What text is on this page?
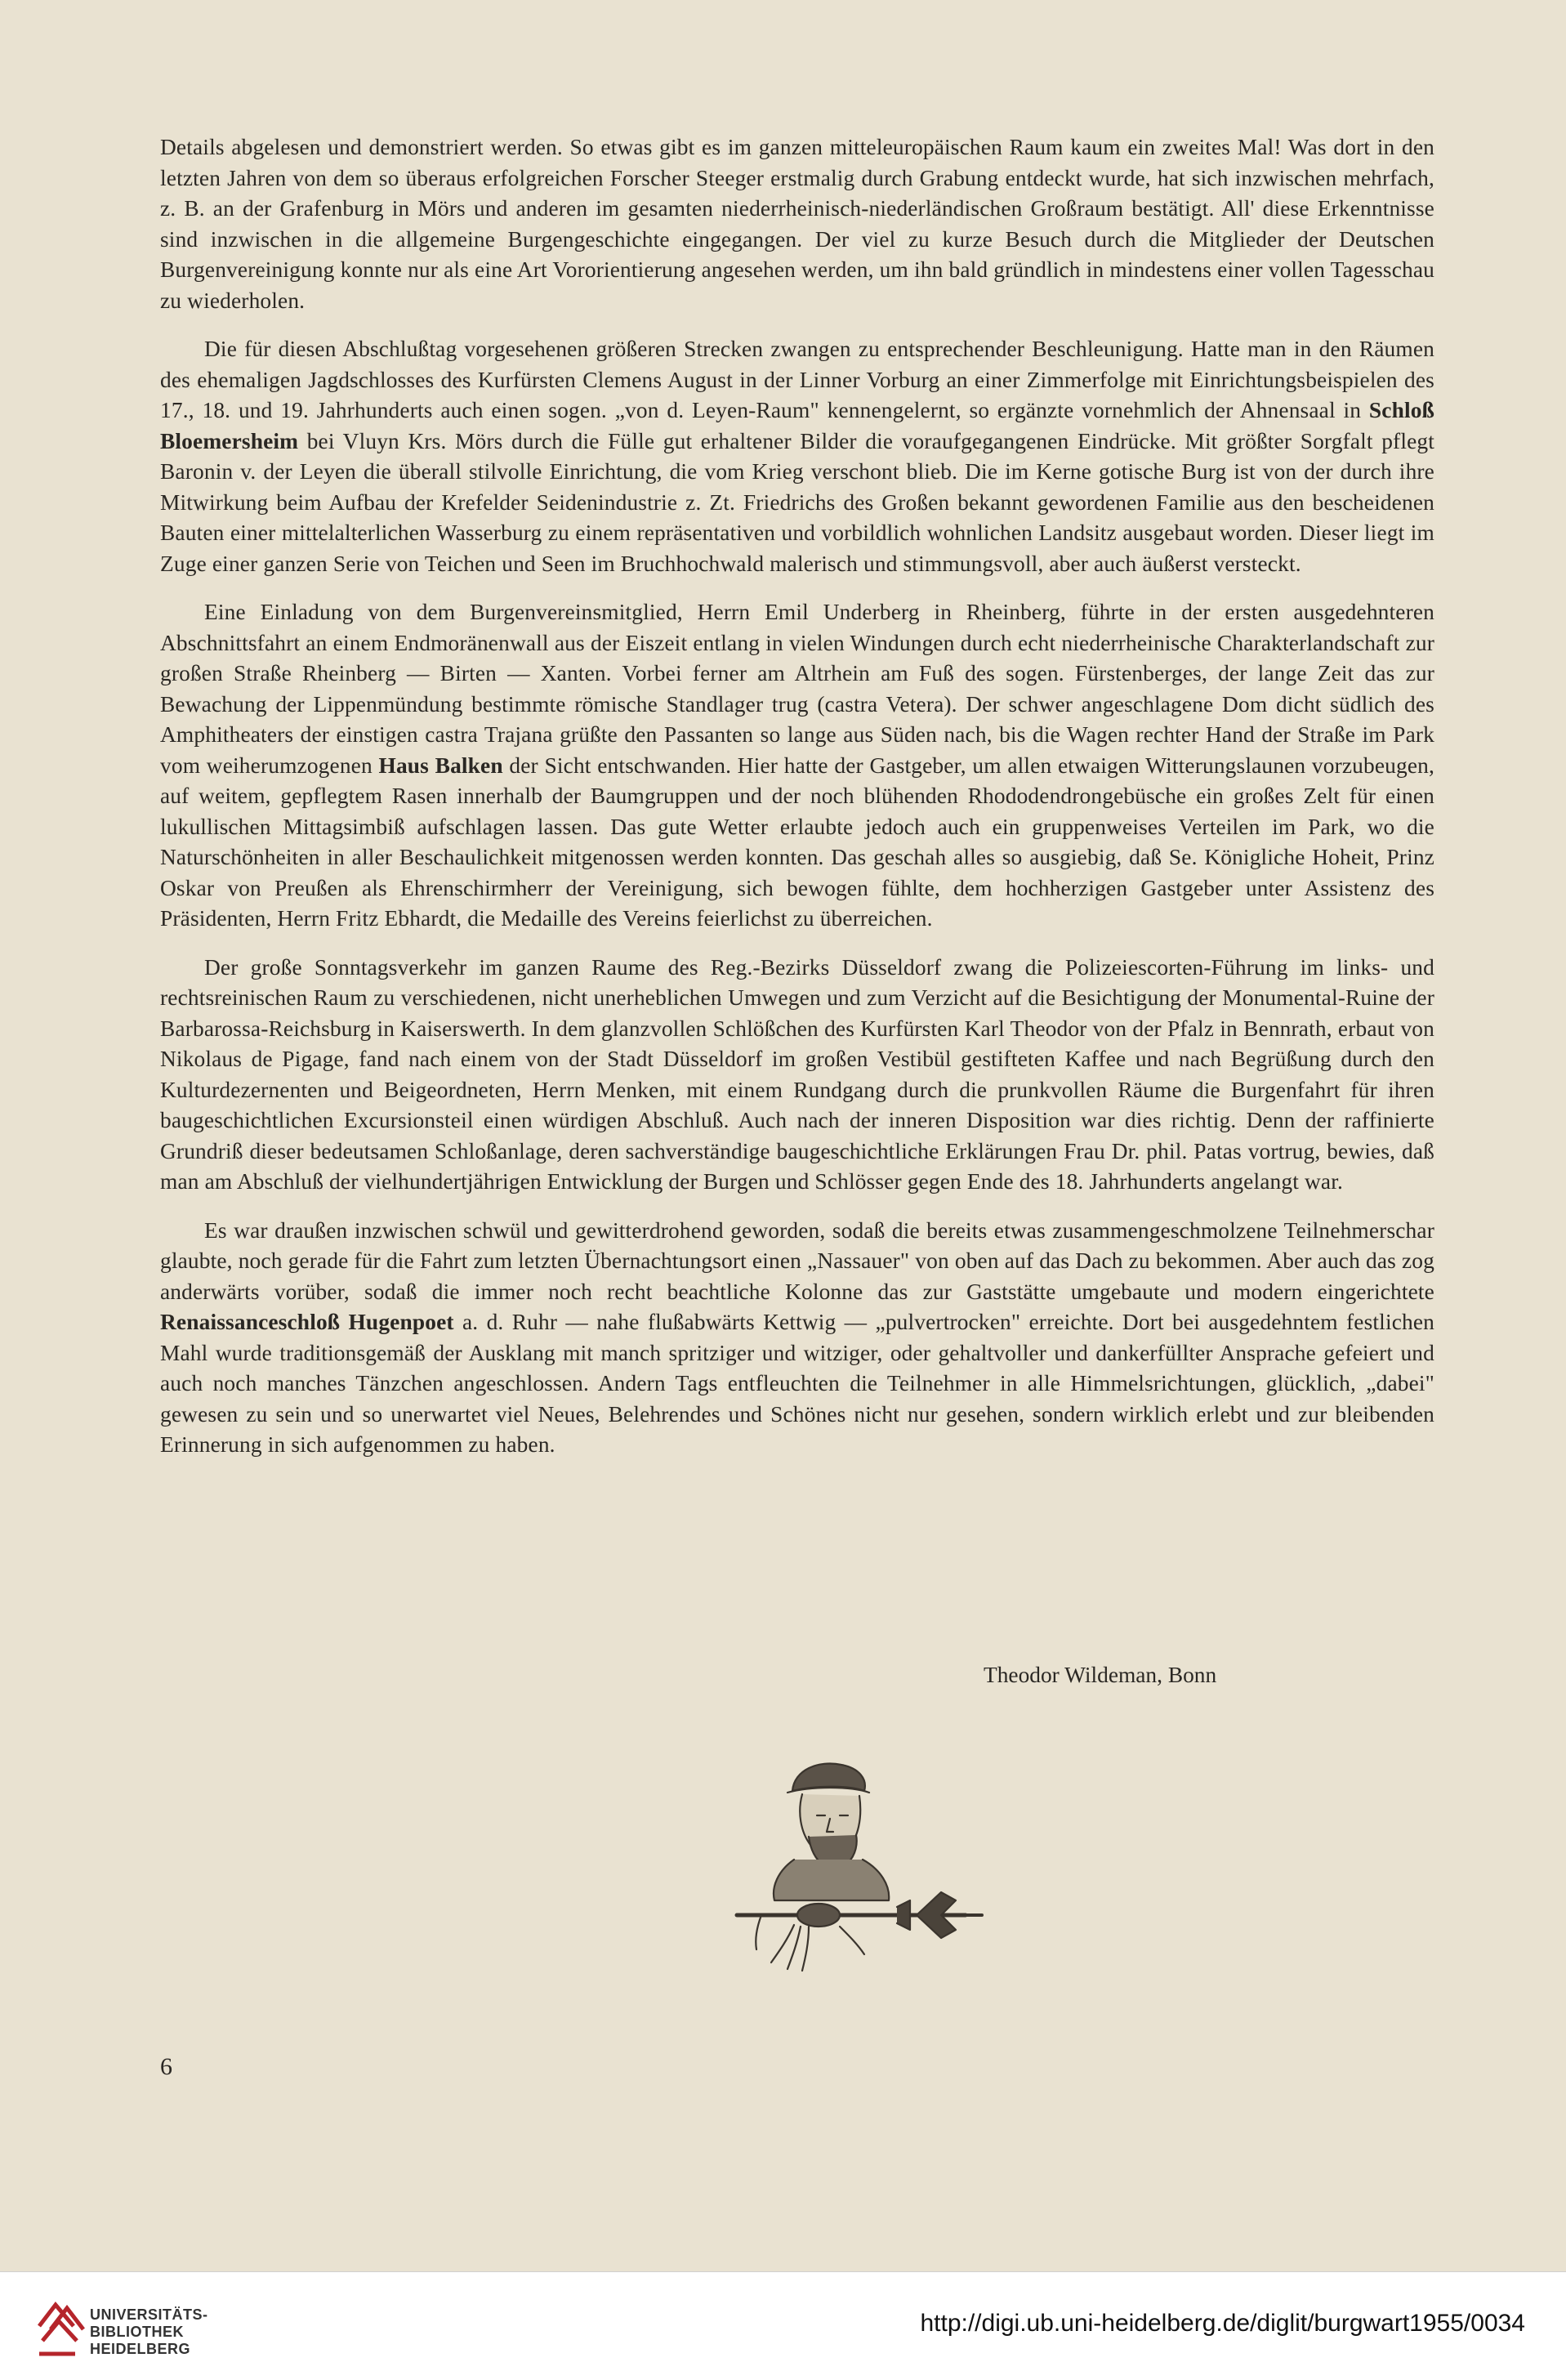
Details abgelesen und demonstriert werden. So etwas gibt es im ganzen mitteleuropäischen Raum kaum ein zweites Mal! Was dort in den letzten Jahren von dem so überaus erfolgreichen Forscher Steeger erstmalig durch Grabung entdeckt wurde, hat sich inzwischen mehrfach, z. B. an der Grafenburg in Mörs und anderen im gesamten niederrheinisch-niederländischen Großraum bestätigt. All' diese Erkenntnisse sind inzwischen in die allgemeine Burgengeschichte eingegangen. Der viel zu kurze Besuch durch die Mitglieder der Deutschen Burgenvereinigung konnte nur als eine Art Vororientierung angesehen werden, um ihn bald gründlich in mindestens einer vollen Tagesschau zu wiederholen.

Die für diesen Abschlußtag vorgesehenen größeren Strecken zwangen zu entsprechender Beschleunigung. Hatte man in den Räumen des ehemaligen Jagdschlosses des Kurfürsten Clemens August in der Linner Vorburg an einer Zimmerfolge mit Einrichtungsbeispielen des 17., 18. und 19. Jahrhunderts auch einen sogen. „von d. Leyen-Raum" kennengelernt, so ergänzte vornehmlich der Ahnensaal in Schloß Bloemersheim bei Vluyn Krs. Mörs durch die Fülle gut erhaltener Bilder die voraufgegangenen Eindrücke. Mit größter Sorgfalt pflegt Baronin v. der Leyen die überall stilvolle Einrichtung, die vom Krieg verschont blieb. Die im Kerne gotische Burg ist von der durch ihre Mitwirkung beim Aufbau der Krefelder Seidenindustrie z. Zt. Friedrichs des Großen bekannt gewordenen Familie aus den bescheidenen Bauten einer mittelalterlichen Wasserburg zu einem repräsentativen und vorbildlich wohnlichen Landsitz ausgebaut worden. Dieser liegt im Zuge einer ganzen Serie von Teichen und Seen im Bruchhochwald malerisch und stimmungsvoll, aber auch äußerst versteckt.

Eine Einladung von dem Burgenvereinsmitglied, Herrn Emil Underberg in Rheinberg, führte in der ersten ausgedehnteren Abschnittsfahrt an einem Endmoränenwall aus der Eiszeit entlang in vielen Windungen durch echt niederrheinische Charakterlandschaft zur großen Straße Rheinberg — Birten — Xanten. Vorbei ferner am Altrhein am Fuß des sogen. Fürstenberges, der lange Zeit das zur Bewachung der Lippenmündung bestimmte römische Standlager trug (castra Vetera). Der schwer angeschlagene Dom dicht südlich des Amphitheaters der einstigen castra Trajana grüßte den Passanten so lange aus Süden nach, bis die Wagen rechter Hand der Straße im Park vom weiherumzogenen Haus Balken der Sicht entschwanden. Hier hatte der Gastgeber, um allen etwaigen Witterungslaunen vorzubeugen, auf weitem, gepflegtem Rasen innerhalb der Baumgruppen und der noch blühenden Rhododendrongebüsche ein großes Zelt für einen lukullischen Mittagsimbiß aufschlagen lassen. Das gute Wetter erlaubte jedoch auch ein gruppenweises Verteilen im Park, wo die Naturschönheiten in aller Beschaulichkeit mitgenossen werden konnten. Das geschah alles so ausgiebig, daß Se. Königliche Hoheit, Prinz Oskar von Preußen als Ehrenschirmherr der Vereinigung, sich bewogen fühlte, dem hochherzigen Gastgeber unter Assistenz des Präsidenten, Herrn Fritz Ebhardt, die Medaille des Vereins feierlichst zu überreichen.

Der große Sonntagsverkehr im ganzen Raume des Reg.-Bezirks Düsseldorf zwang die Polizeiescorten-Führung im links- und rechtsreinischen Raum zu verschiedenen, nicht unerheblichen Umwegen und zum Verzicht auf die Besichtigung der Monumental-Ruine der Barbarossa-Reichsburg in Kaiserswerth. In dem glanzvollen Schlößchen des Kurfürsten Karl Theodor von der Pfalz in Bennrath, erbaut von Nikolaus de Pigage, fand nach einem von der Stadt Düsseldorf im großen Vestibül gestifteten Kaffee und nach Begrüßung durch den Kulturdezernenten und Beigeordneten, Herrn Menken, mit einem Rundgang durch die prunkvollen Räume die Burgenfahrt für ihren baugeschichtlichen Excursionsteil einen würdigen Abschluß. Auch nach der inneren Disposition war dies richtig. Denn der raffinierte Grundriß dieser bedeutsamen Schloßanlage, deren sachverständige baugeschichtliche Erklärungen Frau Dr. phil. Patas vortrug, bewies, daß man am Abschluß der vielhundertjährigen Entwicklung der Burgen und Schlösser gegen Ende des 18. Jahrhunderts angelangt war.

Es war draußen inzwischen schwül und gewitterdrohend geworden, sodaß die bereits etwas zusammengeschmolzene Teilnehmerschar glaubte, noch gerade für die Fahrt zum letzten Übernachtungsort einen „Nassauer" von oben auf das Dach zu bekommen. Aber auch das zog anderwärts vorüber, sodaß die immer noch recht beachtliche Kolonne das zur Gaststätte umgebaute und modern eingerichtete Renaissanceschloß Hugenpoet a. d. Ruhr — nahe flußabwärts Kettwig — „pulvertrocken" erreichte. Dort bei ausgedehntem festlichen Mahl wurde traditionsgemäß der Ausklang mit manch spritziger und witziger, oder gehaltvoller und dankerfüllter Ansprache gefeiert und auch noch manches Tänzchen angeschlossen. Andern Tags entfleuchten die Teilnehmer in alle Himmelsrichtungen, glücklich, „dabei" gewesen zu sein und so unerwartet viel Neues, Belehrendes und Schönes nicht nur gesehen, sondern wirklich erlebt und zur bleibenden Erinnerung in sich aufgenommen zu haben.

Theodor Wildeman, Bonn
6
UNIVERSITÄTS-
BIBLIOTHEK
HEIDELBERG
http://digi.ub.uni-heidelberg.de/diglit/burgwart1955/0034
